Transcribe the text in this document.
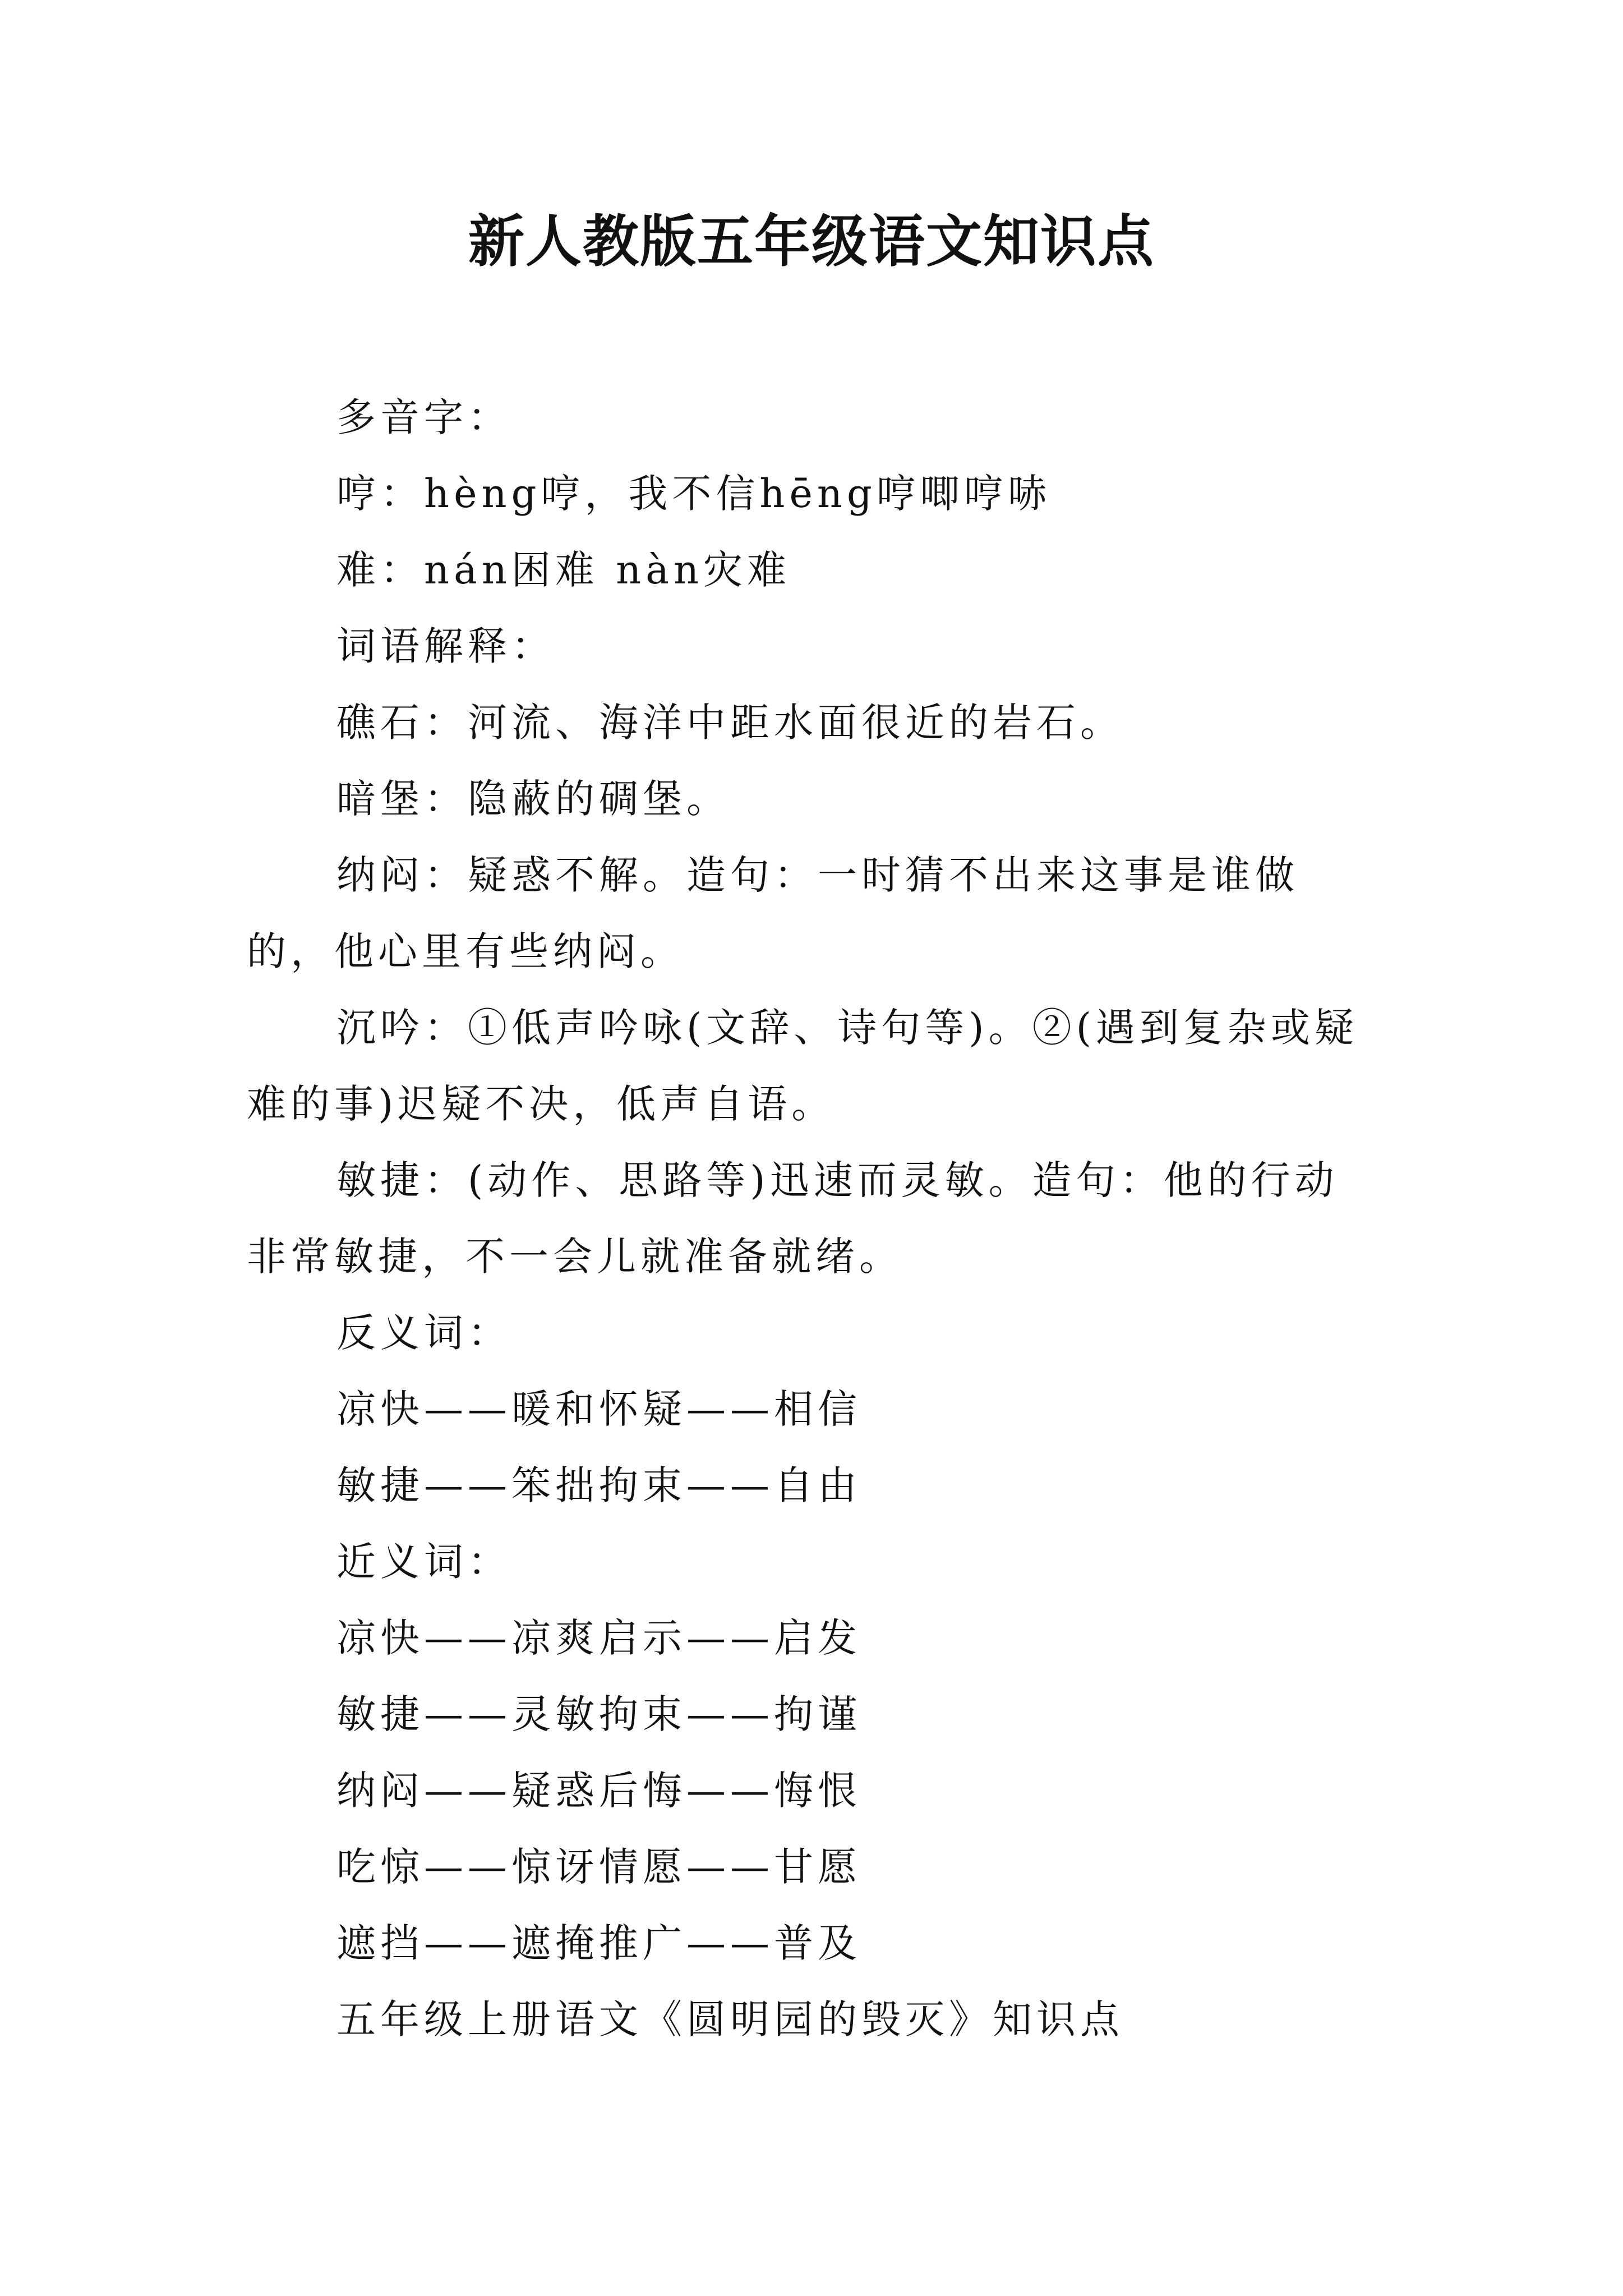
新人教版五年级语文知识点

多音字：

哼：hèng哼，我不信hēng哼唧哼哧

难：nán困难 nàn灾难

词语解释：

礁石：河流、海洋中距水面很近的岩石。

暗堡：隐蔽的碉堡。

纳闷：疑惑不解。造句：一时猜不出来这事是谁做的，他心里有些纳闷。

沉吟：①低声吟咏(文辞、诗句等)。②(遇到复杂或疑难的事)迟疑不决，低声自语。

敏捷：(动作、思路等)迅速而灵敏。造句：他的行动非常敏捷，不一会儿就准备就绪。

反义词：

凉快——暖和怀疑——相信

敏捷——笨拙拘束——自由

近义词：

凉快——凉爽启示——启发

敏捷——灵敏拘束——拘谨

纳闷——疑惑后悔——悔恨

吃惊——惊讶情愿——甘愿

遮挡——遮掩推广——普及

五年级上册语文《圆明园的毁灭》知识点
